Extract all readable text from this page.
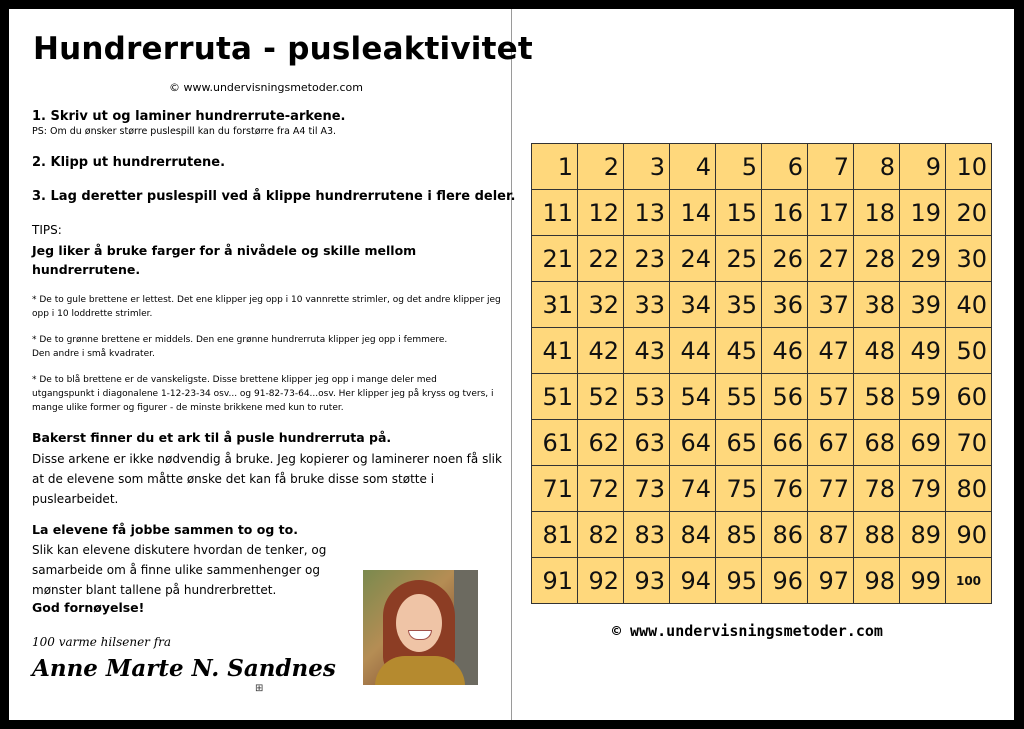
Hundrerruta - pusleaktivitet
© www.undervisningsmetoder.com
1. Skriv ut og laminer hundrerrute-arkene.
PS: Om du ønsker større puslespill kan du forstørre fra A4 til A3.
2. Klipp ut hundrerrutene.
3. Lag deretter puslespill ved å klippe hundrerrutene i flere deler.
TIPS:
Jeg liker å bruke farger for å nivådele og skille mellom hundrerrutene.
* De to gule brettene er lettest. Det ene klipper jeg opp i 10 vannrette strimler, og det andre klipper jeg opp i 10 loddrette strimler.
* De to grønne brettene er middels. Den ene grønne hundrerruta klipper jeg opp i femmere.
Den andre i små kvadrater.
* De to blå brettene er de vanskeligste. Disse brettene klipper jeg opp i mange deler med utgangspunkt i diagonalene 1-12-23-34 osv... og 91-82-73-64...osv. Her klipper jeg på kryss og tvers, i mange ulike former og figurer - de minste brikkene med kun to ruter.
Bakerst finner du et ark til å pusle hundrerruta på.
Disse arkene er ikke nødvendig å bruke. Jeg kopierer og laminerer noen få slik at de elevene som måtte ønske det kan få bruke disse som støtte i puslearbeidet.
La elevene få jobbe sammen to og to.
Slik kan elevene diskutere hvordan de tenker, og samarbeide om å finne ulike sammenhenger og mønster blant tallene på hundrerbrettet.
God fornøyelse!
100 varme hilsener fra
Anne Marte N. Sandnes
⊞
1	2	3	4	5	6	7	8	9	10
11	12	13	14	15	16	17	18	19	20
21	22	23	24	25	26	27	28	29	30
31	32	33	34	35	36	37	38	39	40
41	42	43	44	45	46	47	48	49	50
51	52	53	54	55	56	57	58	59	60
61	62	63	64	65	66	67	68	69	70
71	72	73	74	75	76	77	78	79	80
81	82	83	84	85	86	87	88	89	90
91	92	93	94	95	96	97	98	99	100
© www.undervisningsmetoder.com
